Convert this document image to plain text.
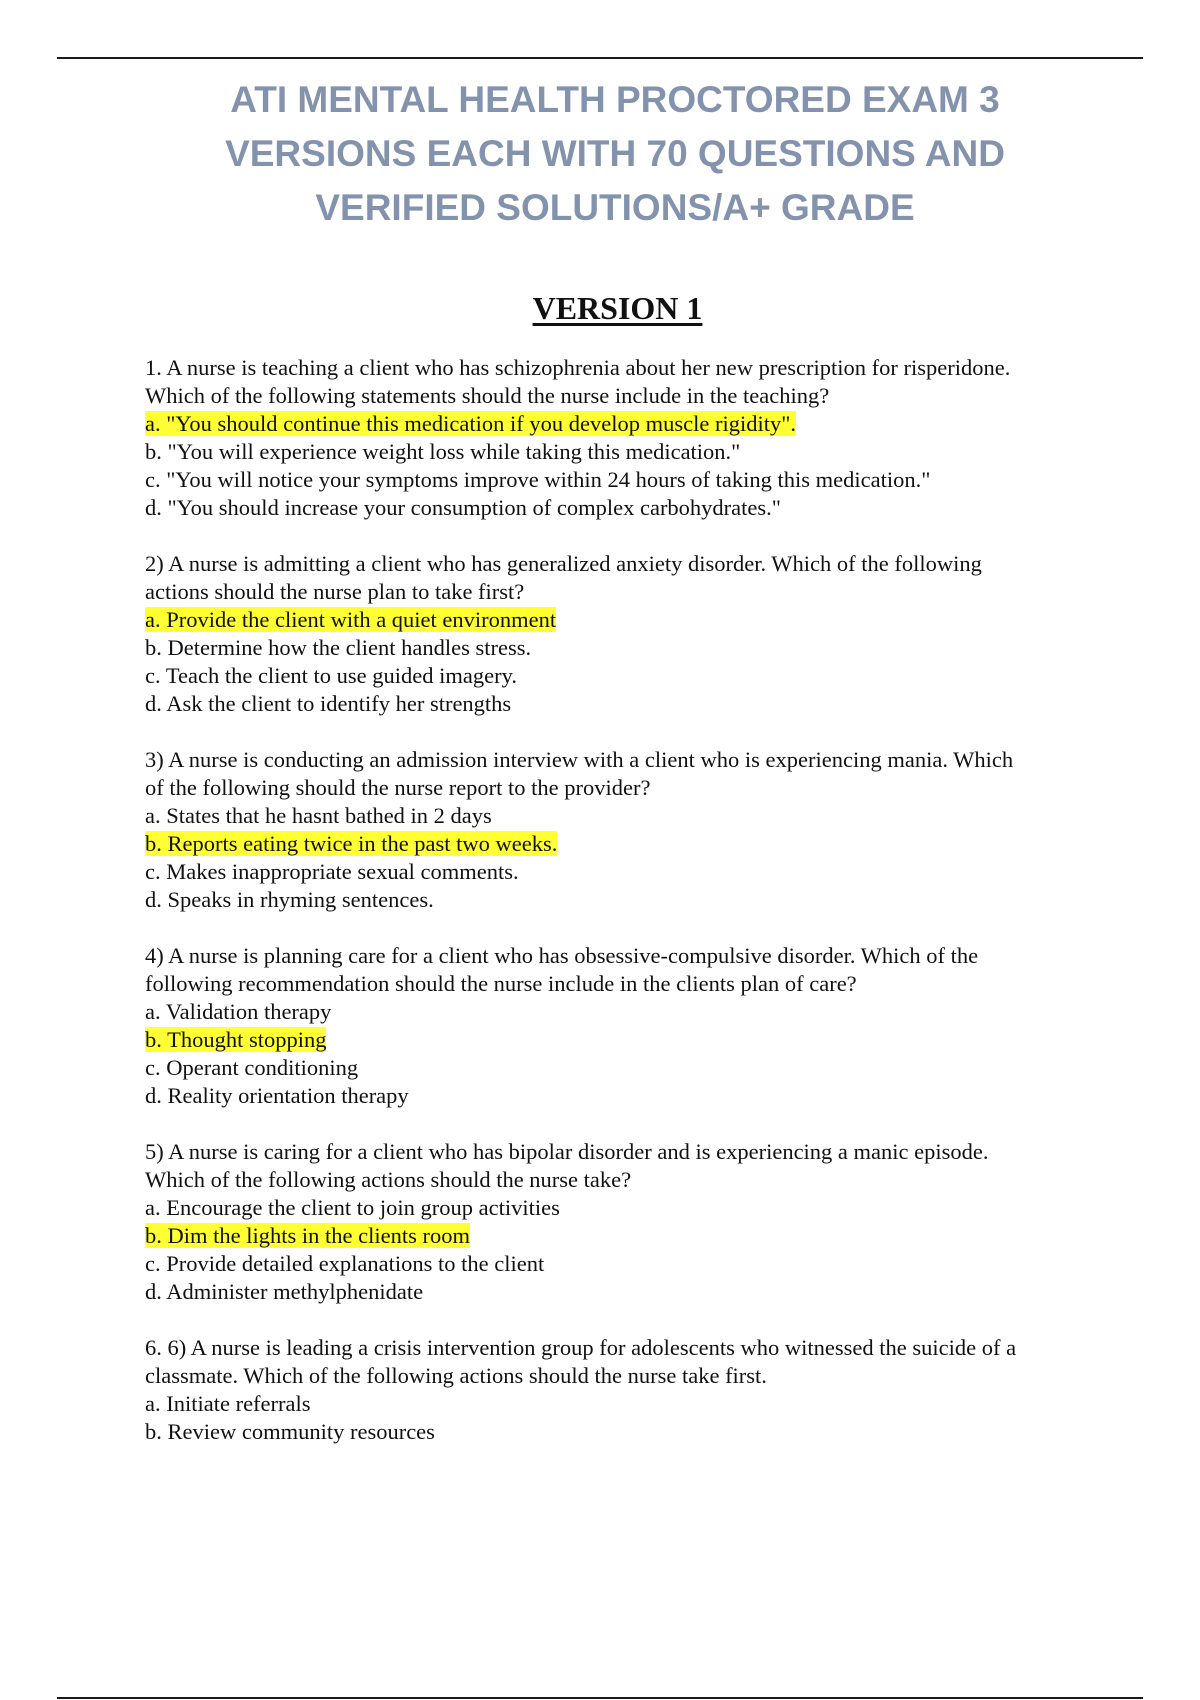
ATI MENTAL HEALTH PROCTORED EXAM 3
VERSIONS EACH WITH 70 QUESTIONS AND
VERIFIED SOLUTIONS/A+ GRADE
VERSION 1
1. A nurse is teaching a client who has schizophrenia about her new prescription for risperidone.
Which of the following statements should the nurse include in the teaching?
a. "You should continue this medication if you develop muscle rigidity".
b. "You will experience weight loss while taking this medication."
c. "You will notice your symptoms improve within 24 hours of taking this medication."
d. "You should increase your consumption of complex carbohydrates."
2) A nurse is admitting a client who has generalized anxiety disorder. Which of the following
actions should the nurse plan to take first?
a. Provide the client with a quiet environment
b. Determine how the client handles stress.
c. Teach the client to use guided imagery.
d. Ask the client to identify her strengths
3) A nurse is conducting an admission interview with a client who is experiencing mania. Which
of the following should the nurse report to the provider?
a. States that he hasnt bathed in 2 days
b. Reports eating twice in the past two weeks.
c. Makes inappropriate sexual comments.
d. Speaks in rhyming sentences.
4) A nurse is planning care for a client who has obsessive-compulsive disorder. Which of the
following recommendation should the nurse include in the clients plan of care?
a. Validation therapy
b. Thought stopping
c. Operant conditioning
d. Reality orientation therapy
5) A nurse is caring for a client who has bipolar disorder and is experiencing a manic episode.
Which of the following actions should the nurse take?
a. Encourage the client to join group activities
b. Dim the lights in the clients room
c. Provide detailed explanations to the client
d. Administer methylphenidate
6. 6) A nurse is leading a crisis intervention group for adolescents who witnessed the suicide of a
classmate. Which of the following actions should the nurse take first.
a. Initiate referrals
b. Review community resources
